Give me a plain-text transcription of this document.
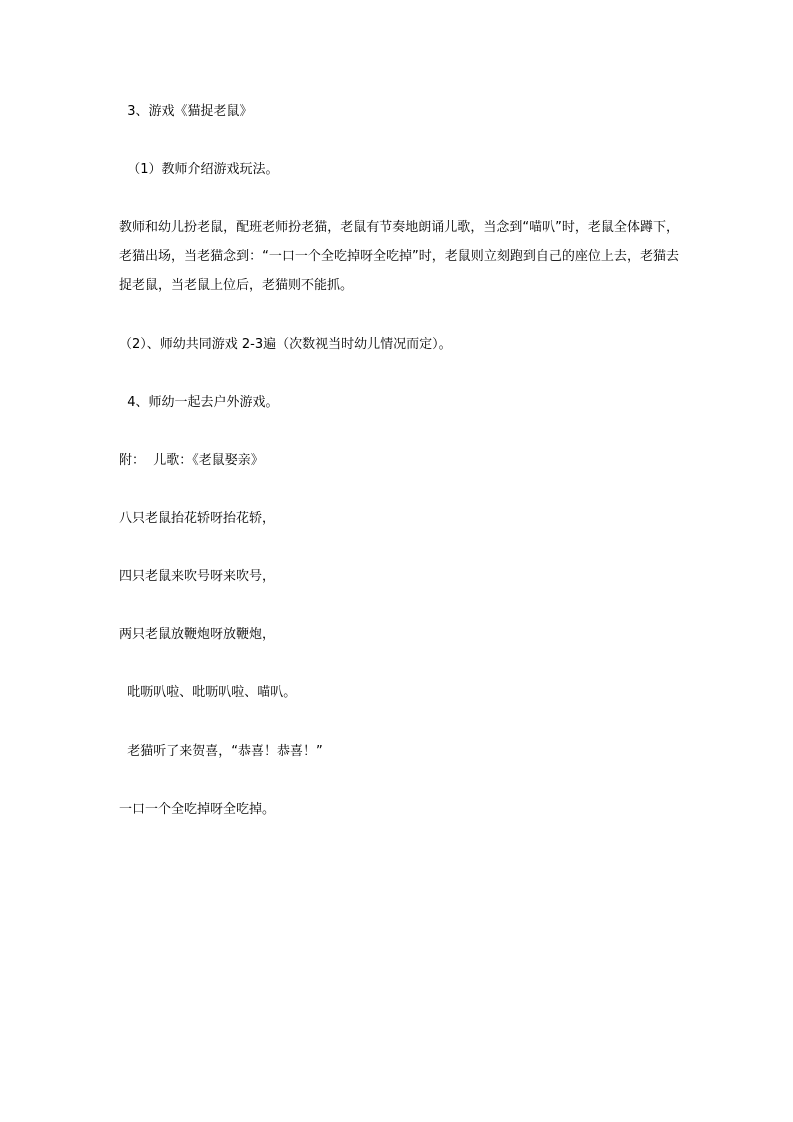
3、游戏《猫捉老鼠》
（1）教师介绍游戏玩法。
教师和幼儿扮老鼠，配班老师扮老猫，老鼠有节奏地朗诵儿歌，当念到“喵叭”时，老鼠全体蹲下，老猫出场，当老猫念到：“一口一个全吃掉呀全吃掉”时，老鼠则立刻跑到自己的座位上去，老猫去捉老鼠，当老鼠上位后，老猫则不能抓。
（2）、师幼共同游戏 2-3遍（次数视当时幼儿情况而定）。
4、师幼一起去户外游戏。
附：  儿歌：《老鼠娶亲》
八只老鼠抬花轿呀抬花轿，
四只老鼠来吹号呀来吹号，
两只老鼠放鞭炮呀放鞭炮，
吡呖叭啦、吡呖叭啦、喵叭。
老猫听了来贺喜，“恭喜！恭喜！”
一口一个全吃掉呀全吃掉。
